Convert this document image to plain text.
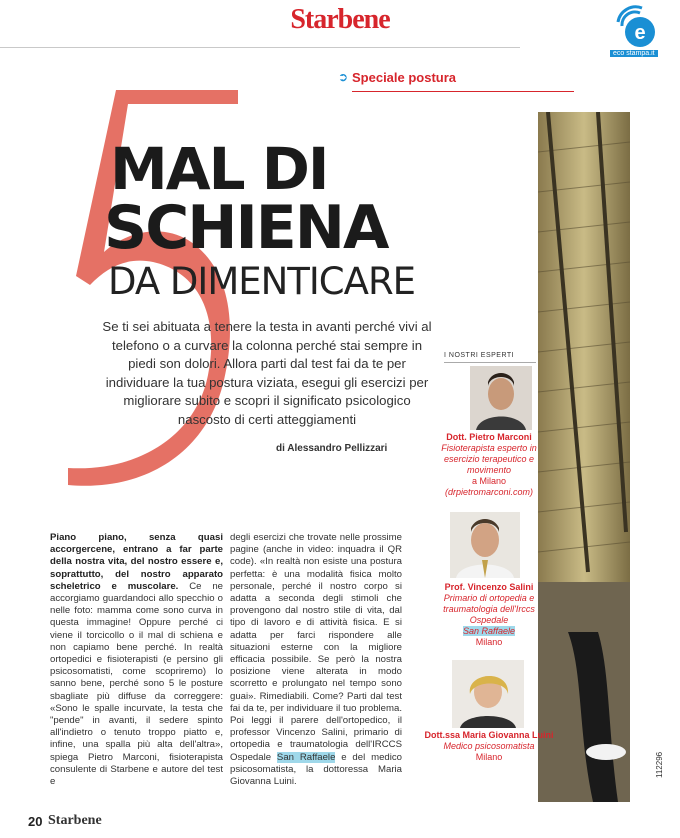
Starbene	e
eco stampa.it
➲ Speciale postura
MAL DI
SCHIENA
DA DIMENTICARE
Se ti sei abituata a tenere la testa in avanti perché vivi al telefono o a curvare la colonna perché stai sempre in piedi son dolori. Allora parti dal test fai da te per individuare la tua postura viziata, esegui gli esercizi per migliorare subito e scopri il significato psicologico nascosto di certi atteggiamenti
di Alessandro Pellizzari
I NOSTRI ESPERTI
Dott. Pietro Marconi
Fisioterapista esperto in esercizio terapeutico e movimento
a Milano
(drpietromarconi.com)
Prof. Vincenzo Salini
Primario di ortopedia e traumatologia dell'Irccs Ospedale
San Raffaele
Milano
Dott.ssa Maria Giovanna Luini
Medico psicosomatista
Milano
Piano piano, senza quasi accorgercene, entrano a far parte della nostra vita, del nostro essere e, soprattutto, del nostro apparato scheletrico e muscolare. Ce ne accorgiamo guardandoci allo specchio o nelle foto: mamma come sono curva in questa immagine! Oppure perché ci viene il torcicollo o il mal di schiena e non capiamo bene perché. In realtà ortopedici e fisioterapisti (e persino gli psicosomatisti, come scopriremo) lo sanno bene, perché sono 5 le posture sbagliate più diffuse da correggere: «Sono le spalle incurvate, la testa che "pende" in avanti, il sedere spinto all'indietro o tenuto troppo piatto e, infine, una spalla più alta dell'altra», spiega Pietro Marconi, fisioterapista consulente di Starbene e autore del test e
degli esercizi che trovate nelle prossime pagine (anche in video: inquadra il QR code). «In realtà non esiste una postura perfetta: è una modalità fisica molto personale, perché il nostro corpo si adatta a seconda degli stimoli che provengono dal nostro stile di vita, dal tipo di lavoro e di attività fisica. E si adatta per farci rispondere alle situazioni esterne con la migliore efficacia possibile. Se però la nostra posizione viene alterata in modo scorretto e prolungato nel tempo sono guai». Rimediabili. Come? Parti dal test fai da te, per individuare il tuo problema. Poi leggi il parere dell'ortopedico, il professor Vincenzo Salini, primario di ortopedia e traumatologia dell'IRCCS Ospedale San Raffaele e del medico psicosomatista, la dottoressa Maria Giovanna Luini.
20 Starbene
112296
